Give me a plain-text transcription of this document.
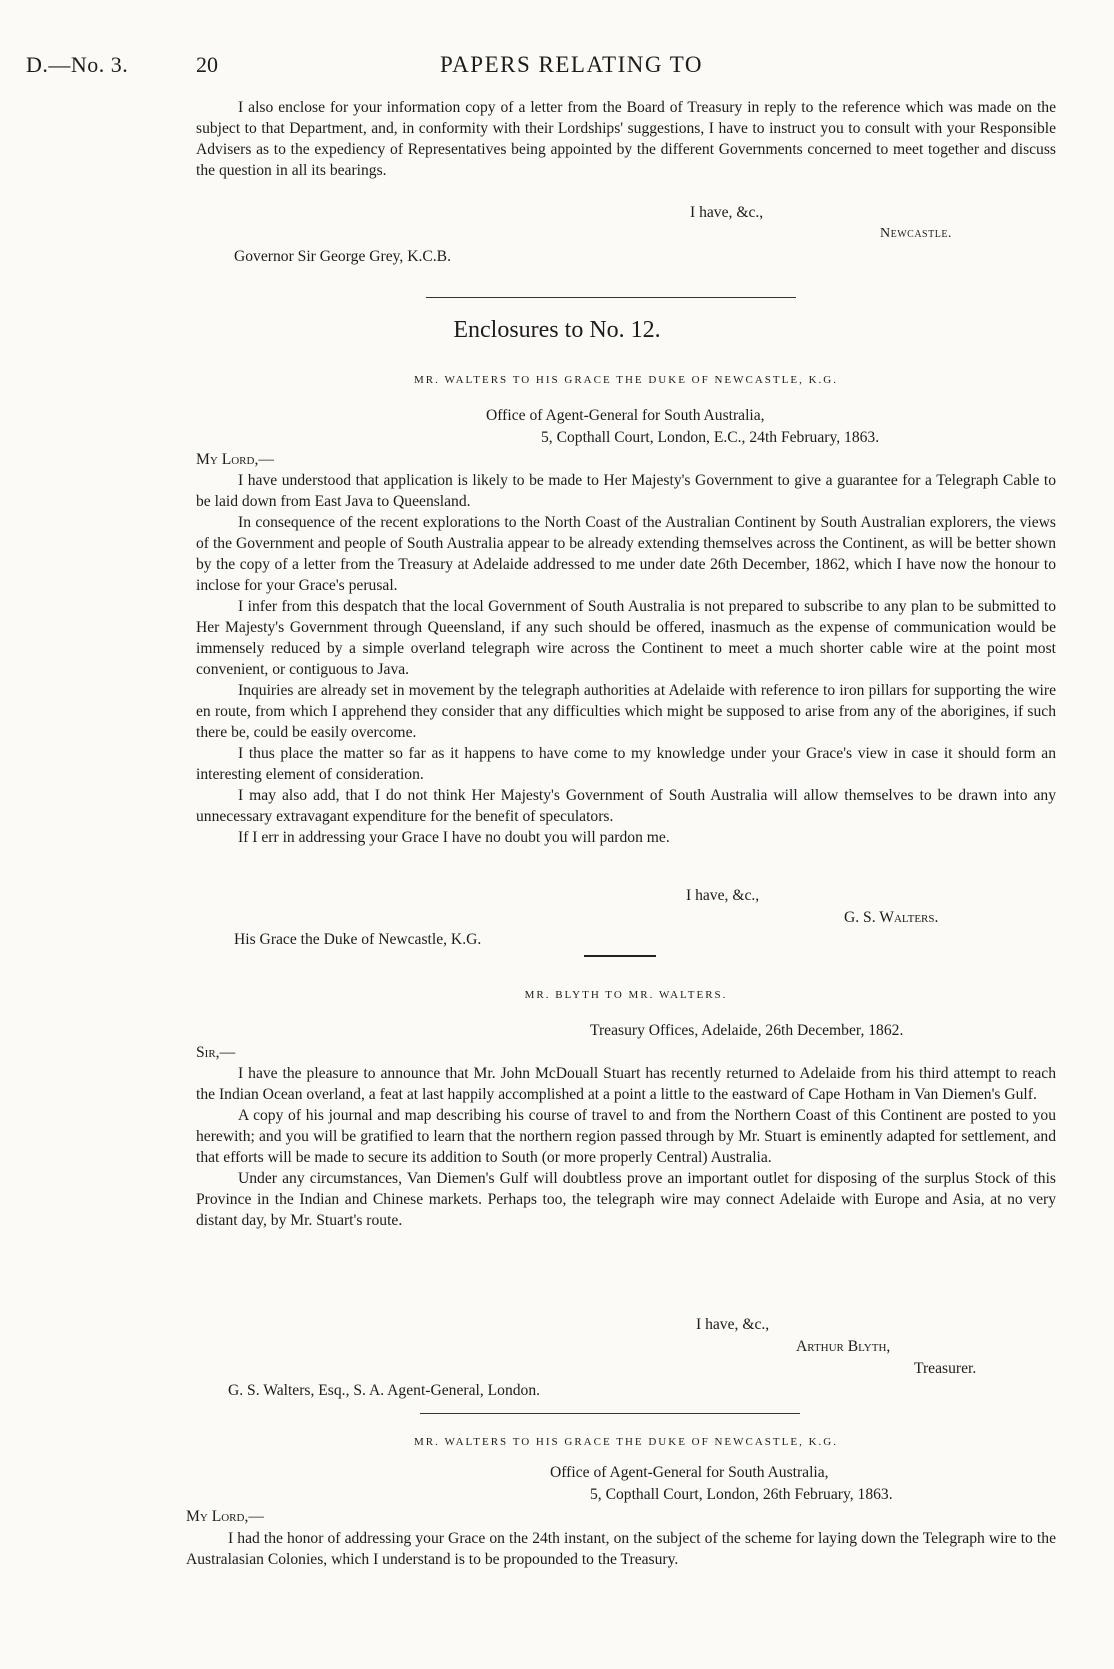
D.—No. 3.	20	PAPERS RELATING TO

I also enclose for your information copy of a letter from the Board of Treasury in reply to the reference which was made on the subject to that Department, and, in conformity with their Lordships' suggestions, I have to instruct you to consult with your Responsible Advisers as to the expediency of Representatives being appointed by the different Governments concerned to meet together and discuss the question in all its bearings.

I have, &c.,
Newcastle.
Governor Sir George Grey, K.C.B.
Enclosures to No. 12.
MR. WALTERS TO HIS GRACE THE DUKE OF NEWCASTLE, K.G.
Office of Agent-General for South Australia,
5, Copthall Court, London, E.C., 24th February, 1863.
My Lord,—

I have understood that application is likely to be made to Her Majesty's Government to give a guarantee for a Telegraph Cable to be laid down from East Java to Queensland.

In consequence of the recent explorations to the North Coast of the Australian Continent by South Australian explorers, the views of the Government and people of South Australia appear to be already extending themselves across the Continent, as will be better shown by the copy of a letter from the Treasury at Adelaide addressed to me under date 26th December, 1862, which I have now the honour to inclose for your Grace's perusal.

I infer from this despatch that the local Government of South Australia is not prepared to subscribe to any plan to be submitted to Her Majesty's Government through Queensland, if any such should be offered, inasmuch as the expense of communication would be immensely reduced by a simple overland telegraph wire across the Continent to meet a much shorter cable wire at the point most convenient, or contiguous to Java.

Inquiries are already set in movement by the telegraph authorities at Adelaide with reference to iron pillars for supporting the wire en route, from which I apprehend they consider that any difficulties which might be supposed to arise from any of the aborigines, if such there be, could be easily overcome.

I thus place the matter so far as it happens to have come to my knowledge under your Grace's view in case it should form an interesting element of consideration.

I may also add, that I do not think Her Majesty's Government of South Australia will allow themselves to be drawn into any unnecessary extravagant expenditure for the benefit of speculators.

If I err in addressing your Grace I have no doubt you will pardon me.

I have, &c.,
G. S. Walters.
His Grace the Duke of Newcastle, K.G.
MR. BLYTH TO MR. WALTERS.
Treasury Offices, Adelaide, 26th December, 1862.
Sir,—

I have the pleasure to announce that Mr. John McDouall Stuart has recently returned to Adelaide from his third attempt to reach the Indian Ocean overland, a feat at last happily accomplished at a point a little to the eastward of Cape Hotham in Van Diemen's Gulf.

A copy of his journal and map describing his course of travel to and from the Northern Coast of this Continent are posted to you herewith; and you will be gratified to learn that the northern region passed through by Mr. Stuart is eminently adapted for settlement, and that efforts will be made to secure its addition to South (or more properly Central) Australia.

Under any circumstances, Van Diemen's Gulf will doubtless prove an important outlet for disposing of the surplus Stock of this Province in the Indian and Chinese markets. Perhaps too, the telegraph wire may connect Adelaide with Europe and Asia, at no very distant day, by Mr. Stuart's route.

I have, &c.,
Arthur Blyth,
Treasurer.
G. S. Walters, Esq., S. A. Agent-General, London.
MR. WALTERS TO HIS GRACE THE DUKE OF NEWCASTLE, K.G.
Office of Agent-General for South Australia,
5, Copthall Court, London, 26th February, 1863.
My Lord,—

I had the honor of addressing your Grace on the 24th instant, on the subject of the scheme for laying down the Telegraph wire to the Australasian Colonies, which I understand is to be propounded to the Treasury.
